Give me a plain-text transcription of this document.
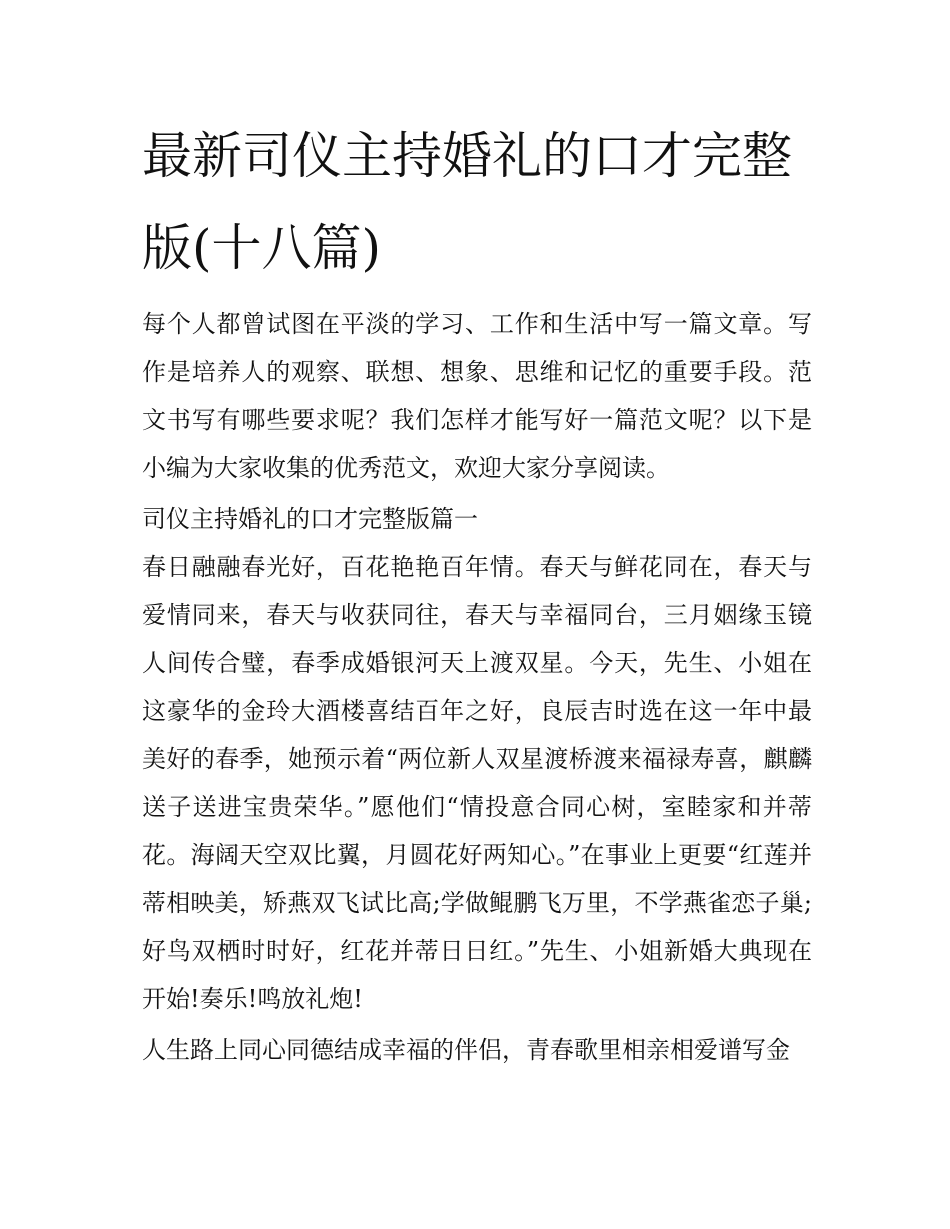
最新司仪主持婚礼的口才完整
版(十八篇)

每个人都曾试图在平淡的学习、工作和生活中写一篇文章。写作是培养人的观察、联想、想象、思维和记忆的重要手段。范文书写有哪些要求呢？我们怎样才能写好一篇范文呢？以下是小编为大家收集的优秀范文，欢迎大家分享阅读。

司仪主持婚礼的口才完整版篇一

春日融融春光好，百花艳艳百年情。春天与鲜花同在，春天与爱情同来，春天与收获同往，春天与幸福同台，三月姻缘玉镜人间传合璧，春季成婚银河天上渡双星。今天，先生、小姐在这豪华的金玲大酒楼喜结百年之好，良辰吉时选在这一年中最美好的春季，她预示着“两位新人双星渡桥渡来福禄寿喜，麒麟送子送进宝贵荣华。”愿他们“情投意合同心树，室睦家和并蒂花。海阔天空双比翼，月圆花好两知心。”在事业上更要“红莲并蒂相映美，矫燕双飞试比高;学做鲲鹏飞万里，不学燕雀恋子巢;好鸟双栖时时好，红花并蒂日日红。”先生、小姐新婚大典现在开始!奏乐!鸣放礼炮!

人生路上同心同德结成幸福的伴侣，青春歌里相亲相爱谱写金
